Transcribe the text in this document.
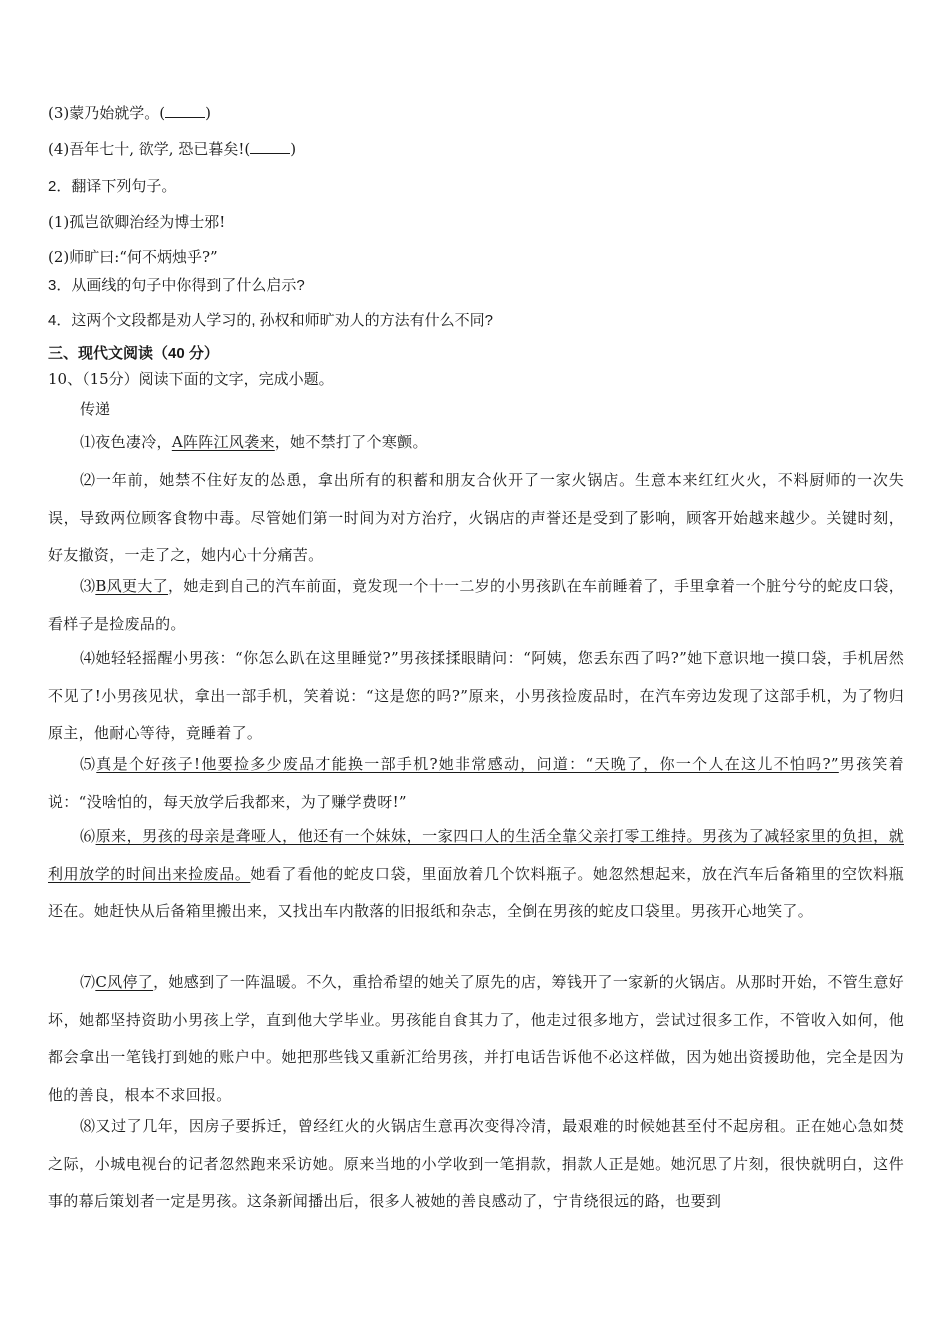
(3)蒙乃始就学。(	)
(4)吾年七十, 欲学, 恐已暮矣!(	)
2．翻译下列句子。
(1)孤岂欲卿治经为博士邪!
(2)师旷曰:“何不炳烛乎?”
3．从画线的句子中你得到了什么启示?
4．这两个文段都是劝人学习的, 孙权和师旷劝人的方法有什么不同?
三、现代文阅读（40 分）
10、（15分）阅读下面的文字，完成小题。
传递
⑴夜色凄冷，A阵阵江风袭来，她不禁打了个寒颤。
⑵一年前，她禁不住好友的怂恿，拿出所有的积蓄和朋友合伙开了一家火锅店。生意本来红红火火，不料厨师的一次失误，导致两位顾客食物中毒。尽管她们第一时间为对方治疗，火锅店的声誉还是受到了影响，顾客开始越来越少。关键时刻，好友撤资，一走了之，她内心十分痛苦。
⑶B风更大了，她走到自己的汽车前面，竟发现一个十一二岁的小男孩趴在车前睡着了，手里拿着一个脏兮兮的蛇皮口袋，看样子是捡废品的。
⑷她轻轻摇醒小男孩：“你怎么趴在这里睡觉?”男孩揉揉眼睛问：“阿姨，您丢东西了吗?”她下意识地一摸口袋，手机居然不见了!小男孩见状，拿出一部手机，笑着说：“这是您的吗?”原来，小男孩捡废品时，在汽车旁边发现了这部手机，为了物归原主，他耐心等待，竟睡着了。
⑸真是个好孩子!他要捡多少废品才能换一部手机?她非常感动，问道：“天晚了，你一个人在这儿不怕吗?”男孩笑着说：“没啥怕的，每天放学后我都来，为了赚学费呀!”
⑹原来，男孩的母亲是聋哑人，他还有一个妹妹，一家四口人的生活全靠父亲打零工维持。男孩为了减轻家里的负担，就利用放学的时间出来捡废品。她看了看他的蛇皮口袋，里面放着几个饮料瓶子。她忽然想起来，放在汽车后备箱里的空饮料瓶还在。她赶快从后备箱里搬出来，又找出车内散落的旧报纸和杂志，全倒在男孩的蛇皮口袋里。男孩开心地笑了。
⑺C风停了，她感到了一阵温暖。不久，重拾希望的她关了原先的店，筹钱开了一家新的火锅店。从那时开始，不管生意好坏，她都坚持资助小男孩上学，直到他大学毕业。男孩能自食其力了，他走过很多地方，尝试过很多工作，不管收入如何，他都会拿出一笔钱打到她的账户中。她把那些钱又重新汇给男孩，并打电话告诉他不必这样做，因为她出资援助他，完全是因为他的善良，根本不求回报。
⑻又过了几年，因房子要拆迁，曾经红火的火锅店生意再次变得冷清，最艰难的时候她甚至付不起房租。正在她心急如焚之际，小城电视台的记者忽然跑来采访她。原来当地的小学收到一笔捐款，捐款人正是她。她沉思了片刻，很快就明白，这件事的幕后策划者一定是男孩。这条新闻播出后，很多人被她的善良感动了，宁肯绕很远的路，也要到
